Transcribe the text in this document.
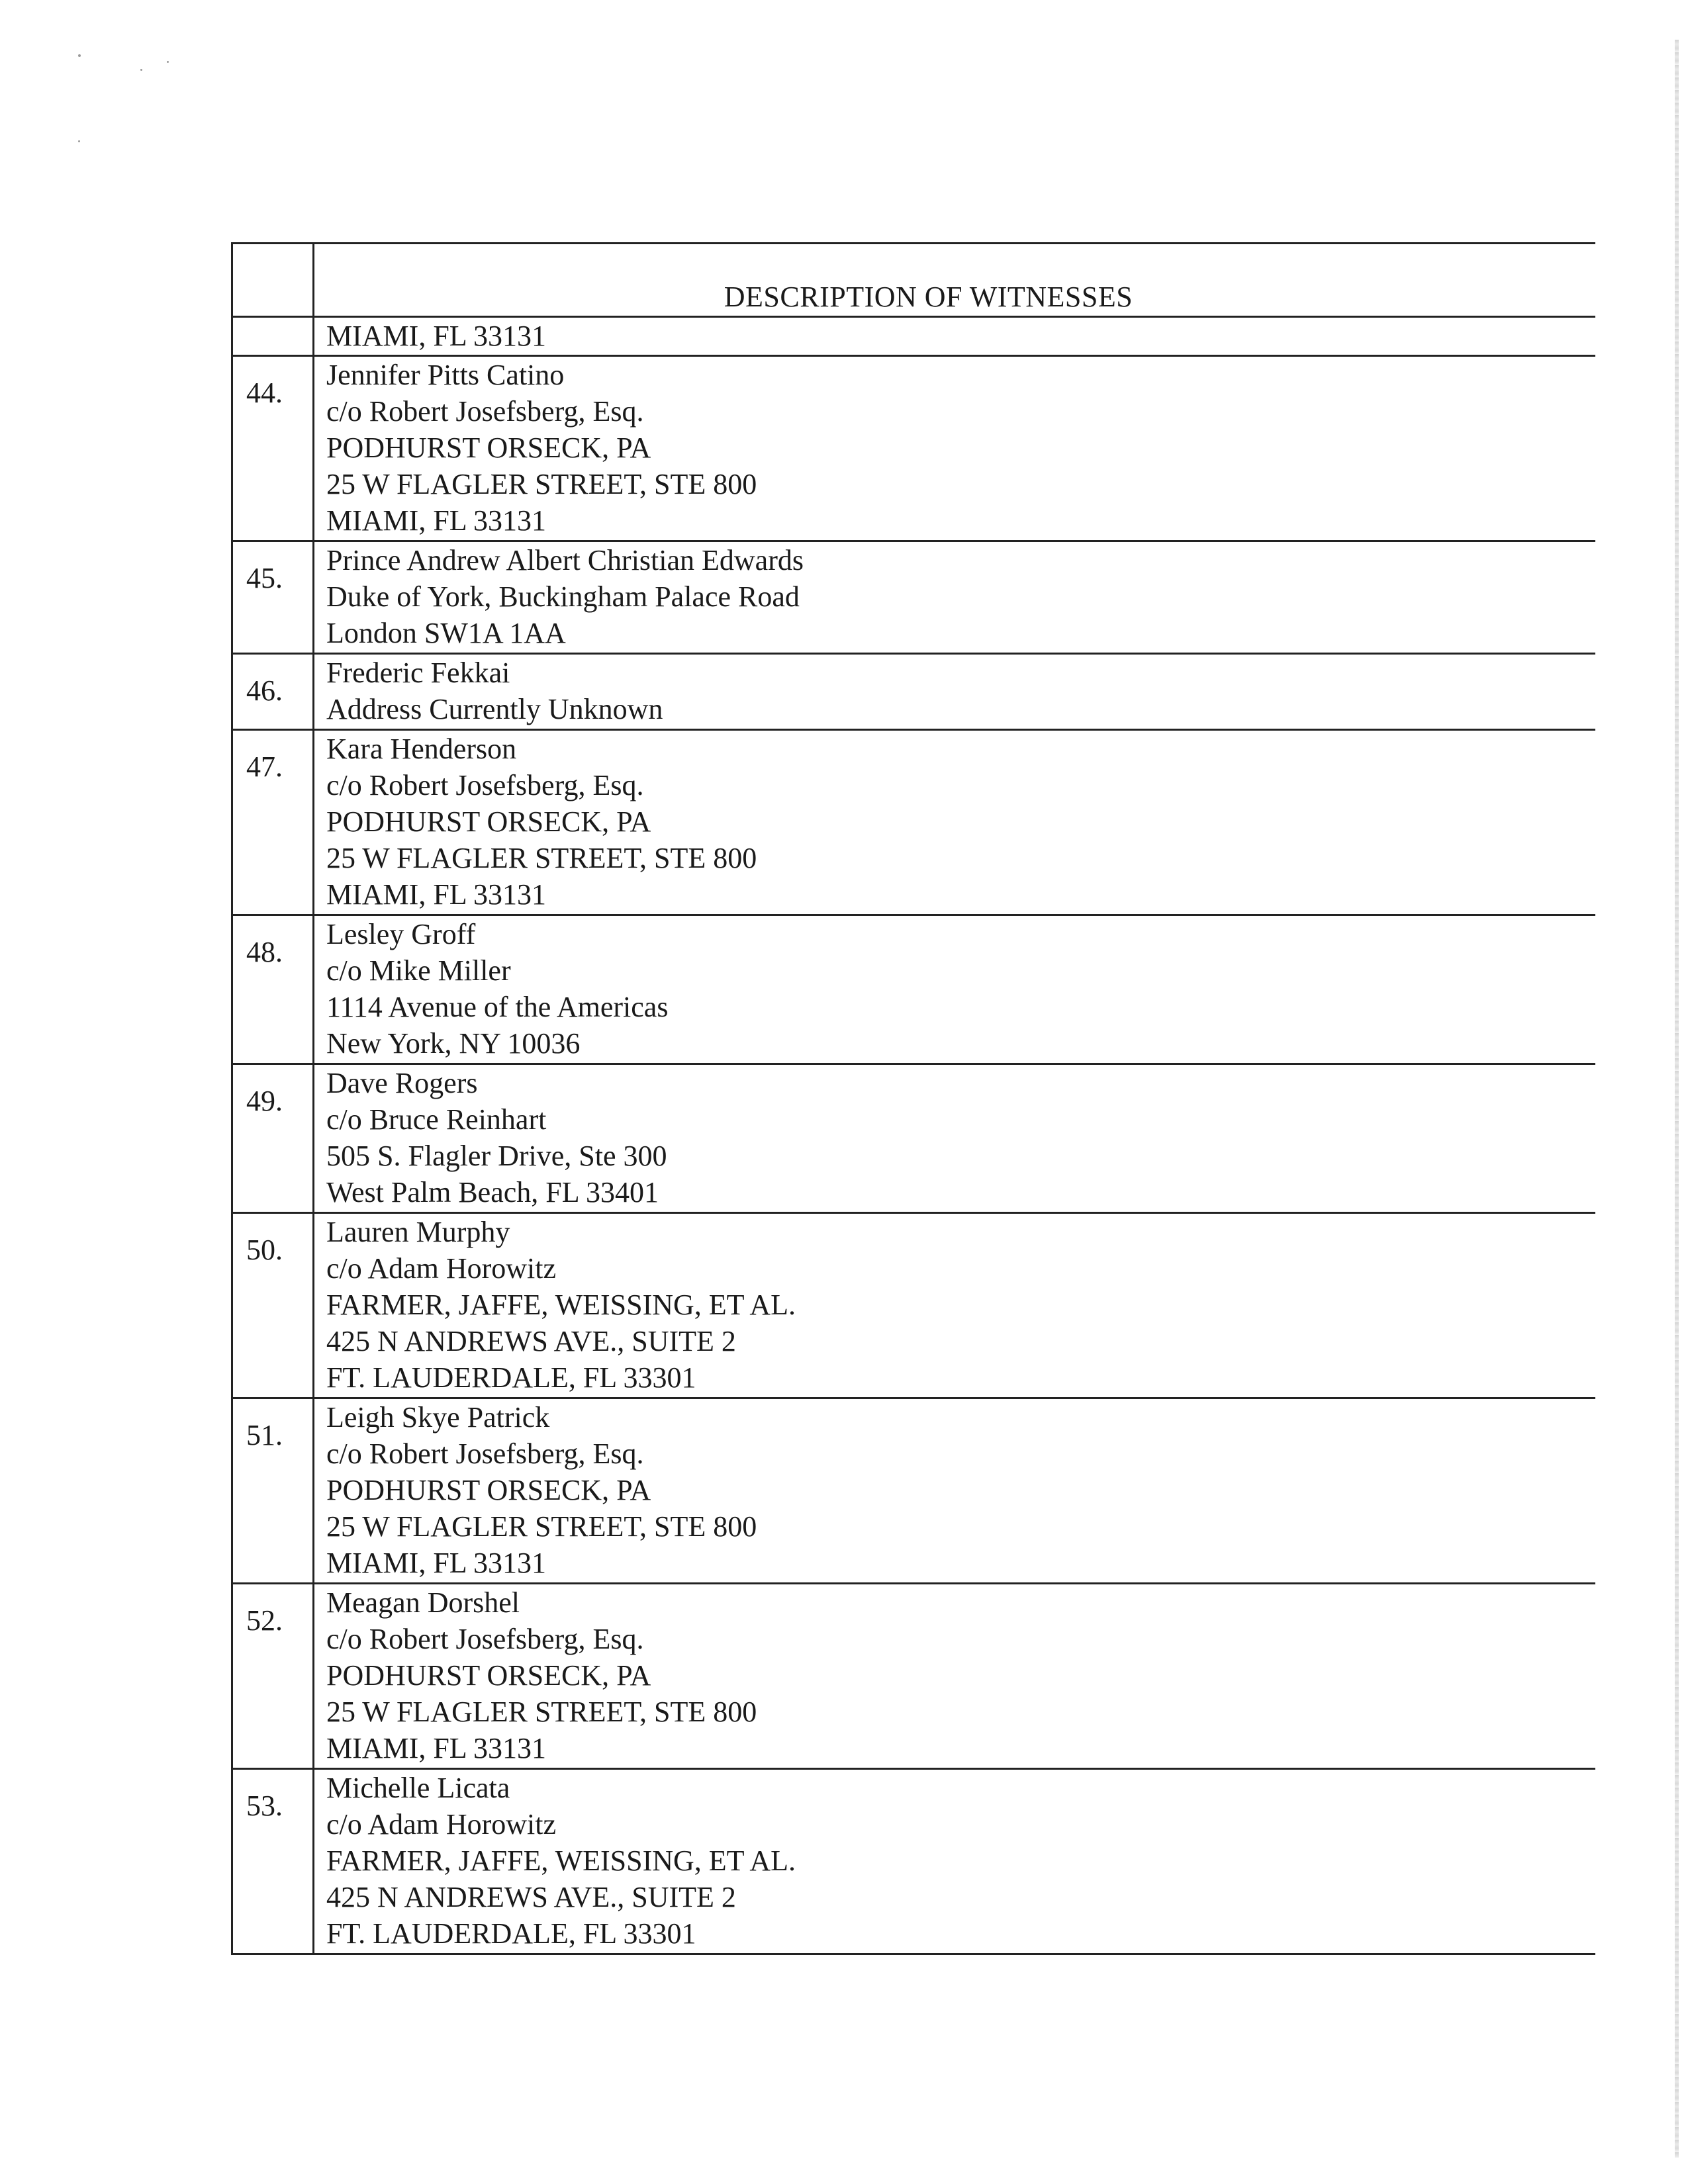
	DESCRIPTION OF WITNESSES

	MIAMI, FL 33131

44.	Jennifer Pitts Catino
c/o Robert Josefsberg, Esq.
PODHURST ORSECK, PA
25 W FLAGLER STREET, STE 800
MIAMI, FL 33131

45.	Prince Andrew Albert Christian Edwards
Duke of York, Buckingham Palace Road
London SW1A 1AA

46.	Frederic Fekkai
Address Currently Unknown

47.	Kara Henderson
c/o Robert Josefsberg, Esq.
PODHURST ORSECK, PA
25 W FLAGLER STREET, STE 800
MIAMI, FL 33131

48.	Lesley Groff
c/o Mike Miller
1114 Avenue of the Americas
New York, NY 10036

49.	Dave Rogers
c/o Bruce Reinhart
505 S. Flagler Drive, Ste 300
West Palm Beach, FL 33401

50.	Lauren Murphy
c/o Adam Horowitz
FARMER, JAFFE, WEISSING, ET AL.
425 N ANDREWS AVE., SUITE 2
FT. LAUDERDALE, FL 33301

51.	Leigh Skye Patrick
c/o Robert Josefsberg, Esq.
PODHURST ORSECK, PA
25 W FLAGLER STREET, STE 800
MIAMI, FL 33131

52.	Meagan Dorshel
c/o Robert Josefsberg, Esq.
PODHURST ORSECK, PA
25 W FLAGLER STREET, STE 800
MIAMI, FL 33131

53.	Michelle Licata
c/o Adam Horowitz
FARMER, JAFFE, WEISSING, ET AL.
425 N ANDREWS AVE., SUITE 2
FT. LAUDERDALE, FL 33301
